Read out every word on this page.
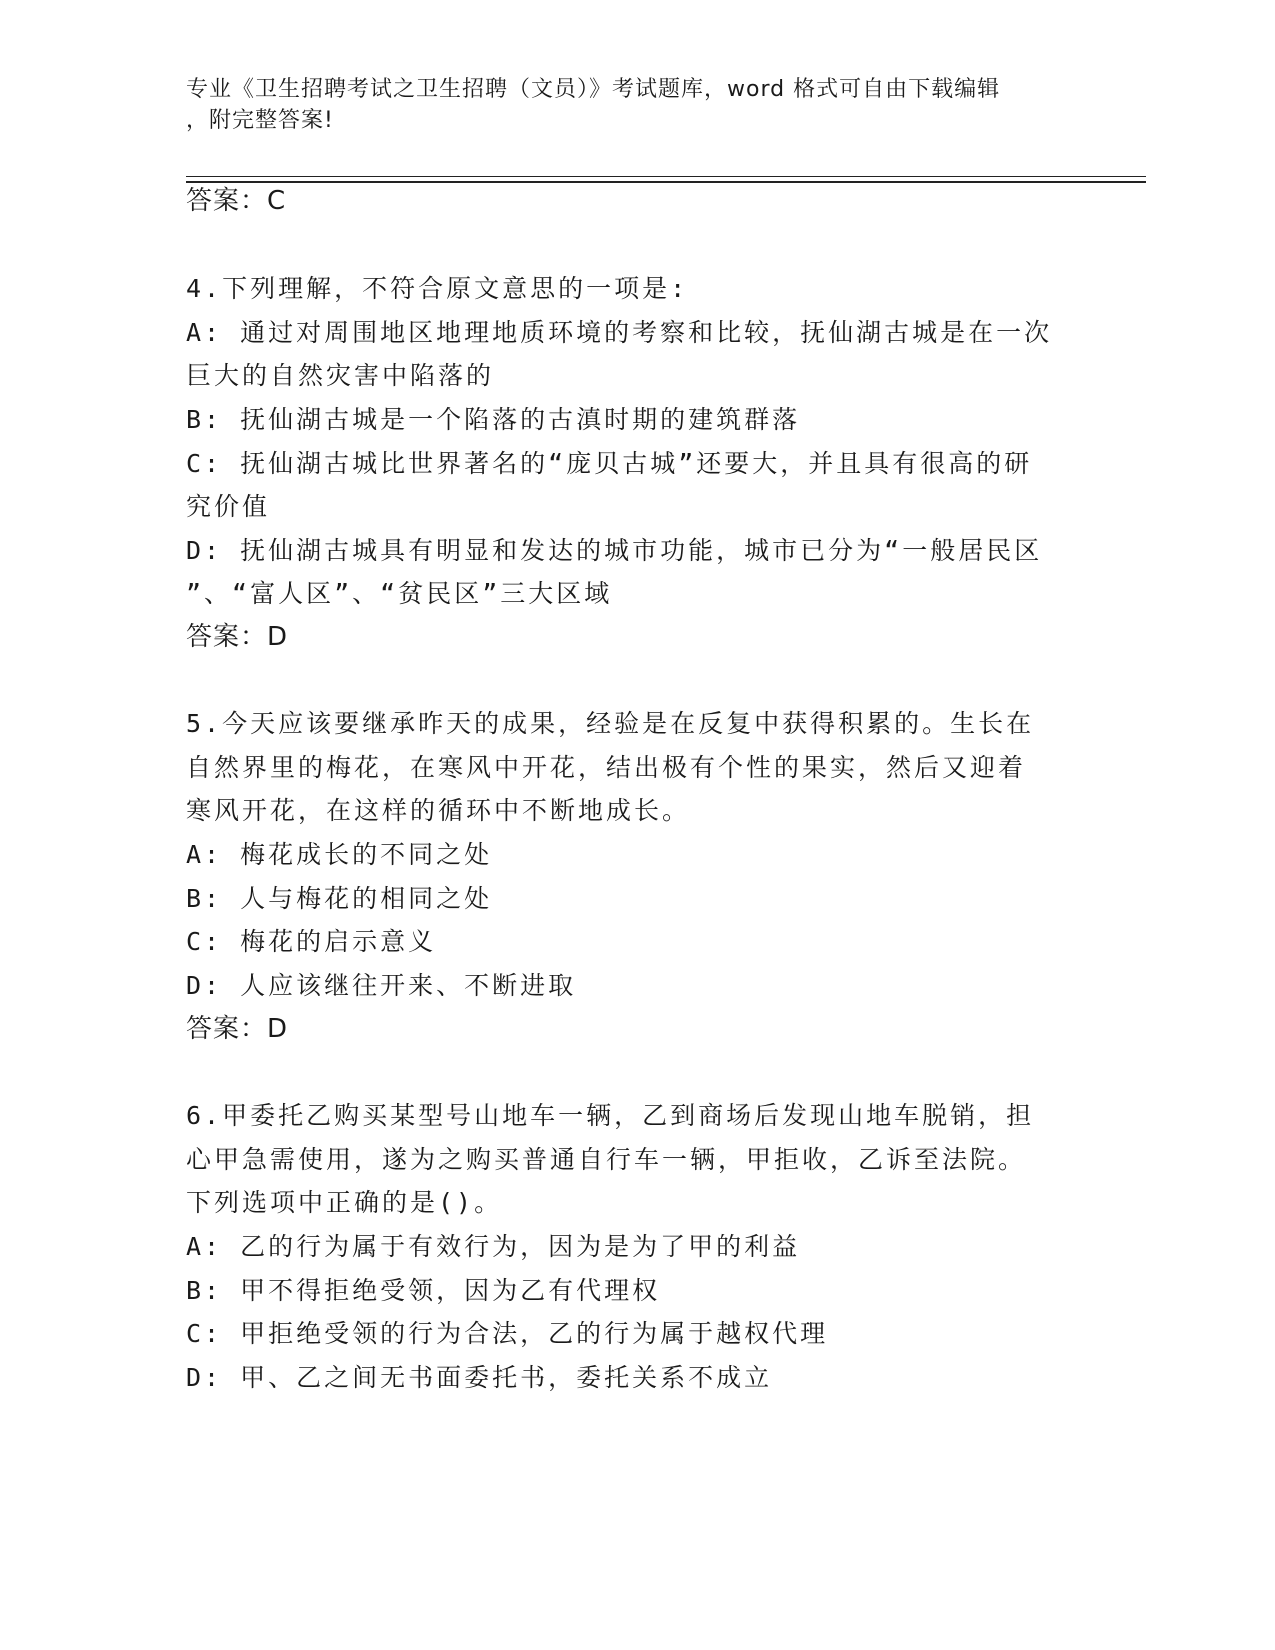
专业《卫生招聘考试之卫生招聘（文员）》考试题库，word 格式可自由下载编辑
，附完整答案!
答案：C
4.下列理解，不符合原文意思的一项是:
A: 通过对周围地区地理地质环境的考察和比较，抚仙湖古城是在一次
巨大的自然灾害中陷落的
B: 抚仙湖古城是一个陷落的古滇时期的建筑群落
C: 抚仙湖古城比世界著名的“庞贝古城”还要大，并且具有很高的研
究价值
D: 抚仙湖古城具有明显和发达的城市功能，城市已分为“一般居民区
”、“富人区”、“贫民区”三大区域
答案：D
5.今天应该要继承昨天的成果，经验是在反复中获得积累的。生长在
自然界里的梅花，在寒风中开花，结出极有个性的果实，然后又迎着
寒风开花，在这样的循环中不断地成长。
A: 梅花成长的不同之处
B: 人与梅花的相同之处
C: 梅花的启示意义
D: 人应该继往开来、不断进取
答案：D
6.甲委托乙购买某型号山地车一辆，乙到商场后发现山地车脱销，担
心甲急需使用，遂为之购买普通自行车一辆，甲拒收，乙诉至法院。
下列选项中正确的是()。
A: 乙的行为属于有效行为，因为是为了甲的利益
B: 甲不得拒绝受领，因为乙有代理权
C: 甲拒绝受领的行为合法，乙的行为属于越权代理
D: 甲、乙之间无书面委托书，委托关系不成立
